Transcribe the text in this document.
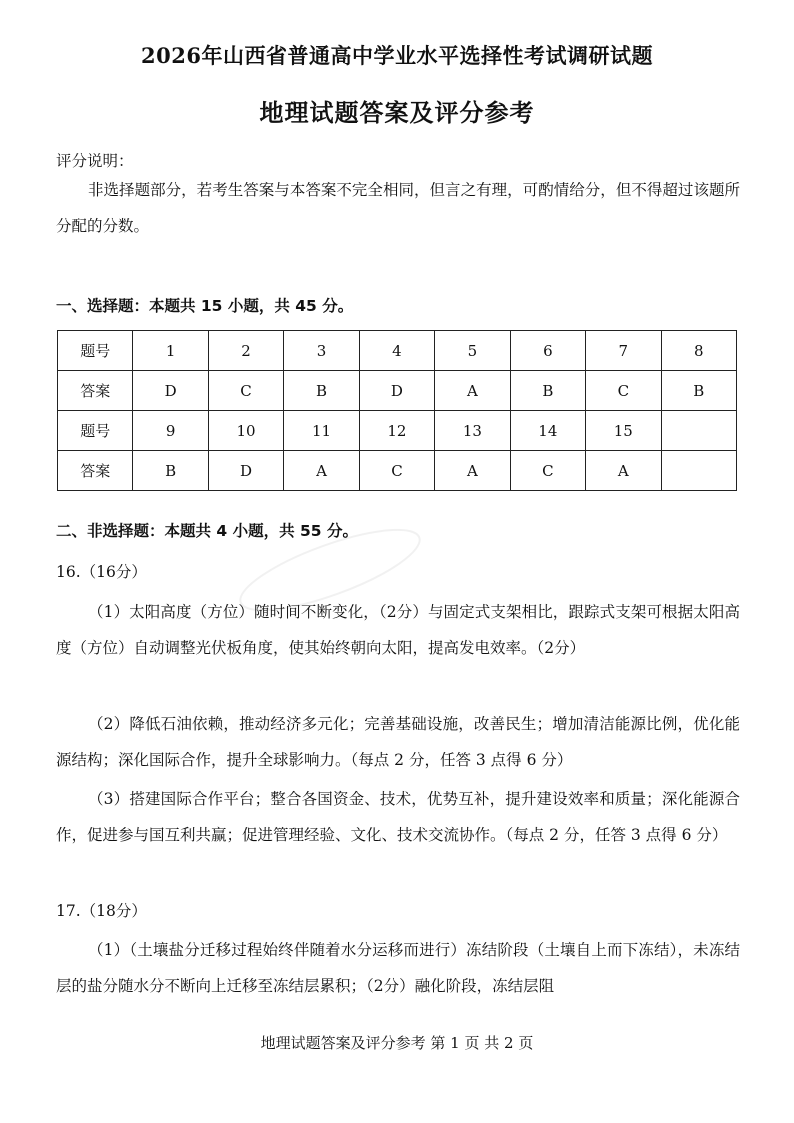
2026年山西省普通高中学业水平选择性考试调研试题
地理试题答案及评分参考
评分说明：
非选择题部分，若考生答案与本答案不完全相同，但言之有理，可酌情给分，但不得超过该题所分配的分数。
一、选择题：本题共 15 小题，共 45 分。
题号	1	2	3	4	5	6	7	8
答案	D	C	B	D	A	B	C	B
题号	9	10	11	12	13	14	15	
答案	B	D	A	C	A	C	A	
二、非选择题：本题共 4 小题，共 55 分。
16.（16分）
（1）太阳高度（方位）随时间不断变化，（2分）与固定式支架相比，跟踪式支架可根据太阳高度（方位）自动调整光伏板角度，使其始终朝向太阳，提高发电效率。（2分）
（2）降低石油依赖，推动经济多元化；完善基础设施，改善民生；增加清洁能源比例，优化能源结构；深化国际合作，提升全球影响力。（每点 2 分，任答 3 点得 6 分）
（3）搭建国际合作平台；整合各国资金、技术，优势互补，提升建设效率和质量；深化能源合作，促进参与国互利共赢；促进管理经验、文化、技术交流协作。（每点 2 分，任答 3 点得 6 分）
17.（18分）
（1）（土壤盐分迁移过程始终伴随着水分运移而进行）冻结阶段（土壤自上而下冻结），未冻结层的盐分随水分不断向上迁移至冻结层累积；（2分）融化阶段，冻结层阻
地理试题答案及评分参考 第 1 页 共 2 页
